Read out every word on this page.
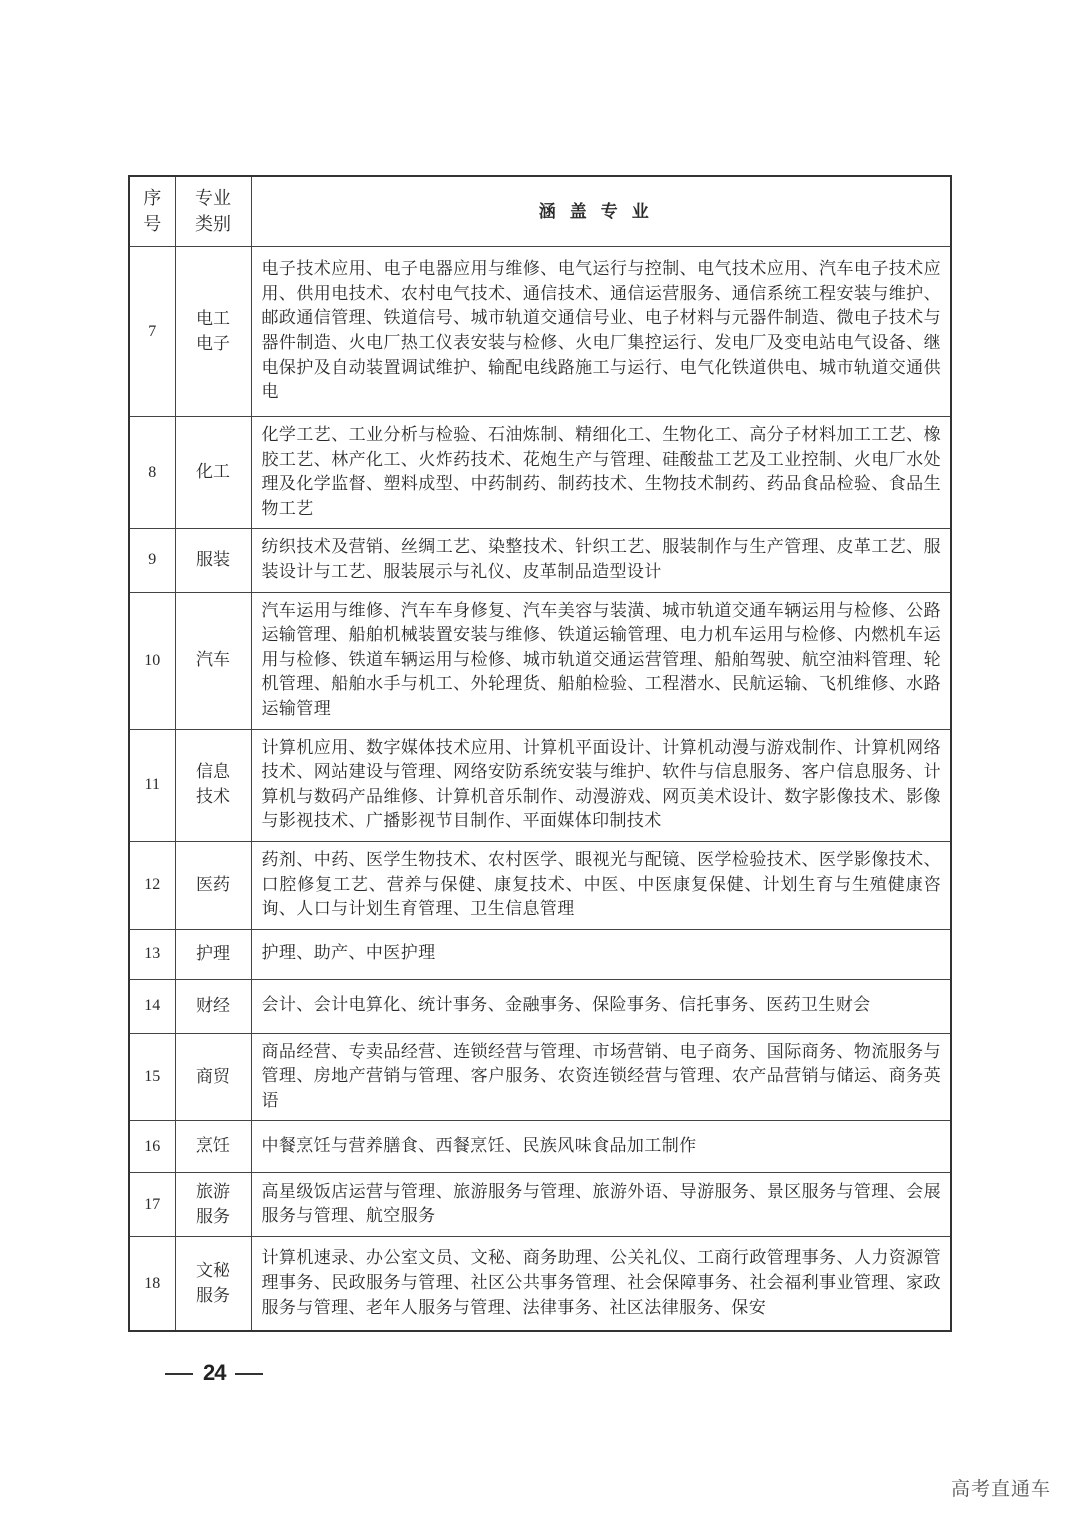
序号	专业类别	涵盖专业
7	电工电子	电子技术应用、电子电器应用与维修、电气运行与控制、电气技术应用、汽车电子技术应用、供用电技术、农村电气技术、通信技术、通信运营服务、通信系统工程安装与维护、邮政通信管理、铁道信号、城市轨道交通信号业、电子材料与元器件制造、微电子技术与器件制造、火电厂热工仪表安装与检修、火电厂集控运行、发电厂及变电站电气设备、继电保护及自动装置调试维护、输配电线路施工与运行、电气化铁道供电、城市轨道交通供电
8	化工	化学工艺、工业分析与检验、石油炼制、精细化工、生物化工、高分子材料加工工艺、橡胶工艺、林产化工、火炸药技术、花炮生产与管理、硅酸盐工艺及工业控制、火电厂水处理及化学监督、塑料成型、中药制药、制药技术、生物技术制药、药品食品检验、食品生物工艺
9	服装	纺织技术及营销、丝绸工艺、染整技术、针织工艺、服装制作与生产管理、皮革工艺、服装设计与工艺、服装展示与礼仪、皮革制品造型设计
10	汽车	汽车运用与维修、汽车车身修复、汽车美容与装潢、城市轨道交通车辆运用与检修、公路运输管理、船舶机械装置安装与维修、铁道运输管理、电力机车运用与检修、内燃机车运用与检修、铁道车辆运用与检修、城市轨道交通运营管理、船舶驾驶、航空油料管理、轮机管理、船舶水手与机工、外轮理货、船舶检验、工程潜水、民航运输、飞机维修、水路运输管理
11	信息技术	计算机应用、数字媒体技术应用、计算机平面设计、计算机动漫与游戏制作、计算机网络技术、网站建设与管理、网络安防系统安装与维护、软件与信息服务、客户信息服务、计算机与数码产品维修、计算机音乐制作、动漫游戏、网页美术设计、数字影像技术、影像与影视技术、广播影视节目制作、平面媒体印制技术
12	医药	药剂、中药、医学生物技术、农村医学、眼视光与配镜、医学检验技术、医学影像技术、口腔修复工艺、营养与保健、康复技术、中医、中医康复保健、计划生育与生殖健康咨询、人口与计划生育管理、卫生信息管理
13	护理	护理、助产、中医护理
14	财经	会计、会计电算化、统计事务、金融事务、保险事务、信托事务、医药卫生财会
15	商贸	商品经营、专卖品经营、连锁经营与管理、市场营销、电子商务、国际商务、物流服务与管理、房地产营销与管理、客户服务、农资连锁经营与管理、农产品营销与储运、商务英语
16	烹饪	中餐烹饪与营养膳食、西餐烹饪、民族风味食品加工制作
17	旅游服务	高星级饭店运营与管理、旅游服务与管理、旅游外语、导游服务、景区服务与管理、会展服务与管理、航空服务
18	文秘服务	计算机速录、办公室文员、文秘、商务助理、公关礼仪、工商行政管理事务、人力资源管理事务、民政服务与管理、社区公共事务管理、社会保障事务、社会福利事业管理、家政服务与管理、老年人服务与管理、法律事务、社区法律服务、保安
24
高考直通车
